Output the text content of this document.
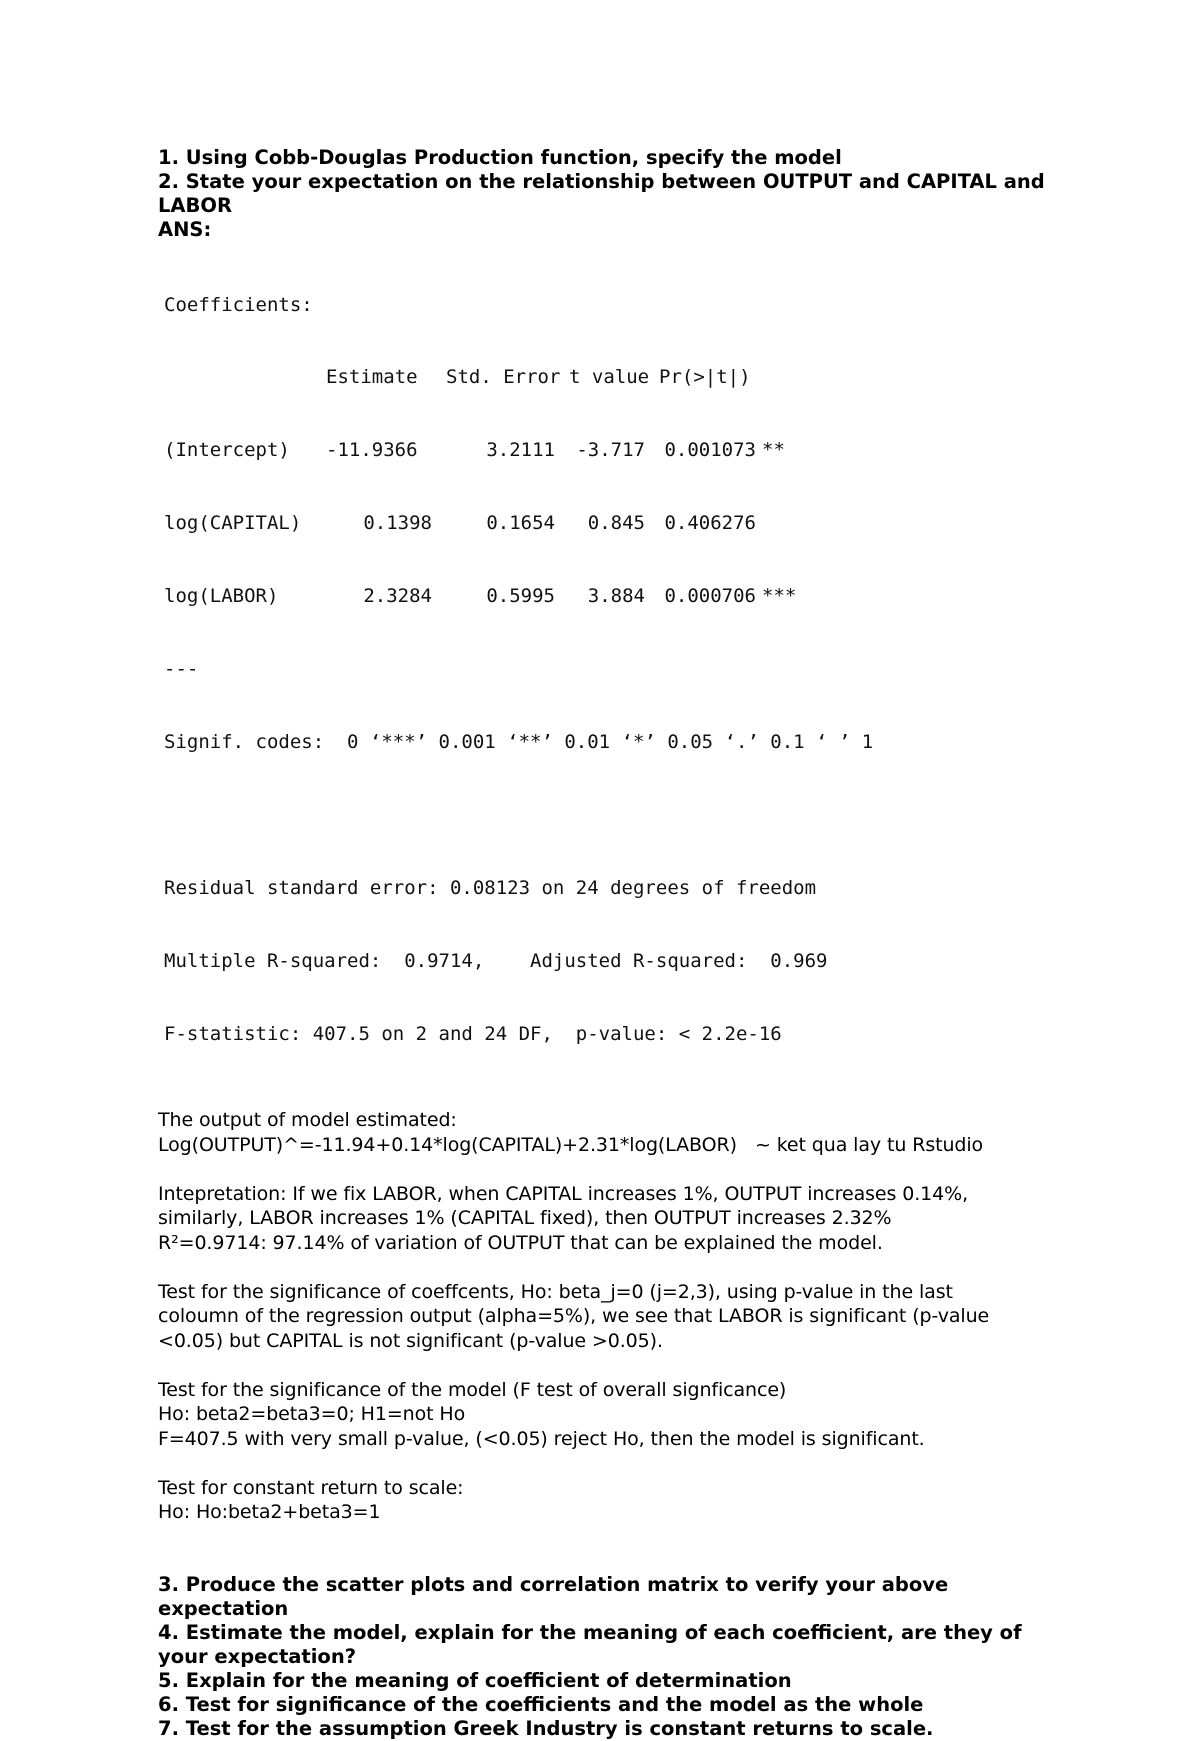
1. Using Cobb-Douglas Production function, specify the model

2. State your expectation on the relationship between OUTPUT and CAPITAL and LABOR

ANS:

Coefficients:

Estimate Std. Error t value Pr(>|t|)

(Intercept) -11.9366	3.2111 -3.717 0.001073 **

log(CAPITAL)	0.1398	0.1654 0.845 0.406276

log(LABOR)	2.3284	0.5995 3.884 0.000706 ***

---

Signif. codes:  0 ‘***’ 0.001 ‘**’ 0.01 ‘*’ 0.05 ‘.’ 0.1 ‘ ’ 1

Residual standard error: 0.08123 on 24 degrees of freedom

Multiple R-squared:  0.9714,    Adjusted R-squared:  0.969

F-statistic: 407.5 on 2 and 24 DF,  p-value: < 2.2e-16

The output of model estimated:

Log(OUTPUT)^=-11.94+0.14*log(CAPITAL)+2.31*log(LABOR) ~ ket qua lay tu Rstudio

Intepretation: If we fix LABOR, when CAPITAL increases 1%, OUTPUT increases 0.14%,

similarly, LABOR increases 1% (CAPITAL fixed), then OUTPUT increases 2.32%

R²=0.9714: 97.14% of variation of OUTPUT that can be explained the model.

Test for the significance of coeffcents, Ho: beta_j=0 (j=2,3), using p-value in the last

coloumn of the regression output (alpha=5%), we see that LABOR is significant (p-value

<0.05) but CAPITAL is not significant (p-value >0.05).

Test for the significance of the model (F test of overall signficance)

Ho: beta2=beta3=0; H1=not Ho

F=407.5 with very small p-value, (<0.05) reject Ho, then the model is significant.

Test for constant return to scale:

Ho: Ho:beta2+beta3=1

3. Produce the scatter plots and correlation matrix to verify your above expectation

4. Estimate the model, explain for the meaning of each coefficient, are they of your expectation?

5. Explain for the meaning of coefficient of determination

6. Test for significance of the coefficients and the model as the whole

7. Test for the assumption Greek Industry is constant returns to scale.
